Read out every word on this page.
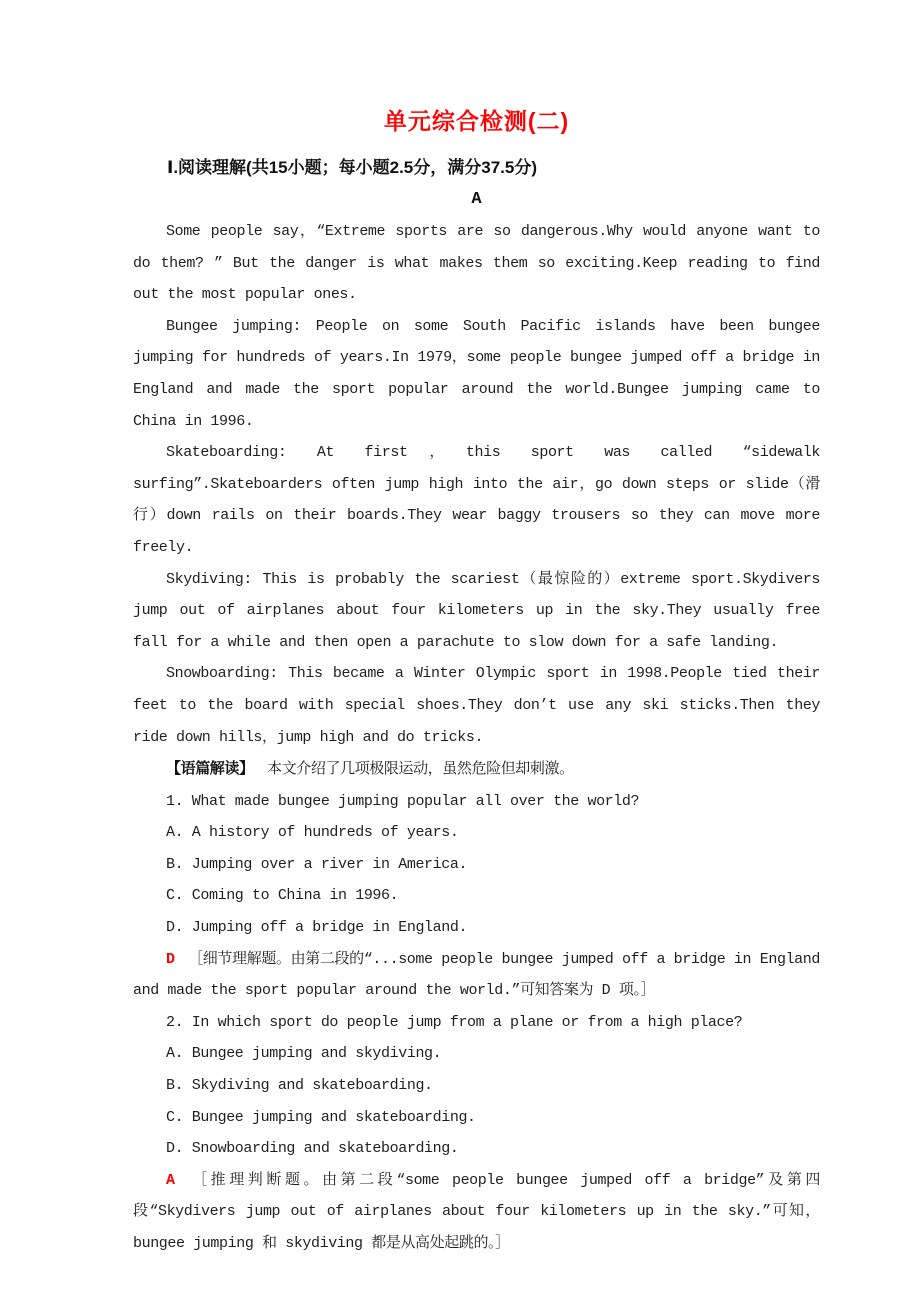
单元综合检测(二)
Ⅰ.阅读理解(共15小题；每小题2.5分，满分37.5分)
A

Some people say，“Extreme sports are so dangerous.Why would anyone want to do them? ” But the danger is what makes them so exciting.Keep reading to find out the most popular ones.

Bungee jumping: People on some South Pacific islands have been bungee jumping for hundreds of years.In 1979，some people bungee jumped off a bridge in England and made the sport popular around the world.Bungee jumping came to China in 1996.

Skateboarding: At first，this sport was called “sidewalk surfing”.Skateboarders often jump high into the air，go down steps or slide（滑行）down rails on their boards.They wear baggy trousers so they can move more freely.

Skydiving: This is probably the scariest（最惊险的）extreme sport.Skydivers jump out of airplanes about four kilometers up in the sky.They usually free fall for a while and then open a parachute to slow down for a safe landing.

Snowboarding: This became a Winter Olympic sport in 1998.People tied their feet to the board with special shoes.They don’t use any ski sticks.Then they ride down hills，jump high and do tricks.

【语篇解读】 本文介绍了几项极限运动，虽然危险但却刺激。

1. What made bungee jumping popular all over the world?

A. A history of hundreds of years.

B. Jumping over a river in America.

C. Coming to China in 1996.

D. Jumping off a bridge in England.

D ［细节理解题。由第二段的“...some people bungee jumped off a bridge in England and made the sport popular around the world.”可知答案为 D 项。］

2. In which sport do people jump from a plane or from a high place?

A. Bungee jumping and skydiving.

B. Skydiving and skateboarding.

C. Bungee jumping and skateboarding.

D. Snowboarding and skateboarding.

A ［推理判断题。由第二段“some people bungee jumped off a bridge”及第四段“Skydivers jump out of airplanes about four kilometers up in the sky.”可知，bungee jumping 和 skydiving 都是从高处起跳的。］
